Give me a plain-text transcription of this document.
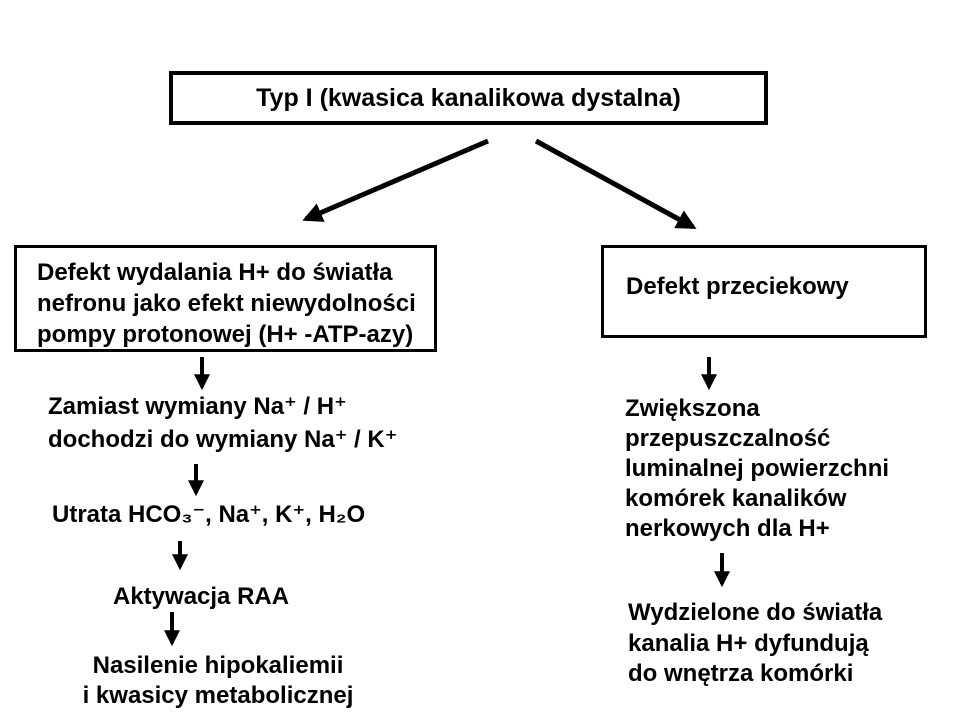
Typ I (kwasica kanalikowa dystalna)
Defekt wydalania H+ do światła
nefronu jako efekt niewydolności
pompy protonowej (H+ -ATP-azy)
Defekt przeciekowy
Zamiast wymiany Na⁺ / H⁺
dochodzi do wymiany Na⁺ / K⁺
Utrata HCO₃⁻, Na⁺, K⁺, H₂O
Aktywacja RAA
Nasilenie hipokaliemii
i kwasicy metabolicznej
Zwiększona
przepuszczalność
luminalnej powierzchni
komórek kanalików
nerkowych dla H+
Wydzielone do światła
kanalia H+ dyfundują
do wnętrza komórki
